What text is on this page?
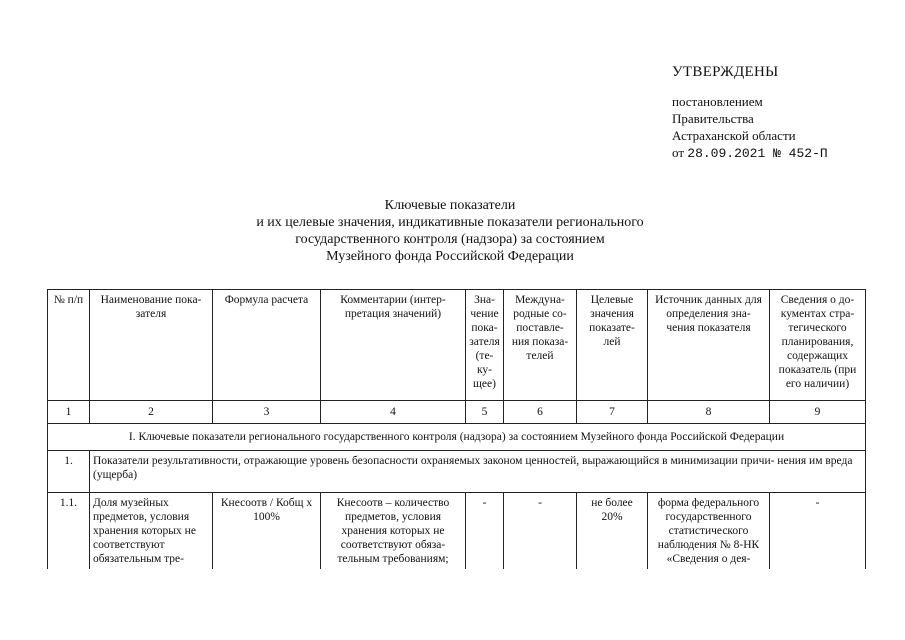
УТВЕРЖДЕНЫ
постановлением
Правительства
Астраханской области
от 28.09.2021 № 452-П
Ключевые показатели
и их целевые значения, индикативные показатели регионального
государственного контроля (надзора) за состоянием
Музейного фонда Российской Федерации
№ п/п	Наименование пока- зателя	Формула расчета	Комментарии (интер- претация значений)	Зна- чение пока- зателя (те- ку- щее)	Междуна- родные со- поставле- ния показа- телей	Целевые значения показате- лей	Источник данных для определения зна- чения показателя	Сведения о до- кументах стра- тегического планирования, содержащих показатель (при его наличии)
1	2	3	4	5	6	7	8	9
I. Ключевые показатели регионального государственного контроля (надзора) за состоянием Музейного фонда Российской Федерации								
1.	Показатели результативности, отражающие уровень безопасности охраняемых законом ценностей, выражающийся в минимизации причи- нения им вреда (ущерба)							
1.1.	Доля музейных предметов, условия хранения которых не соответствуют обязательным тре-	Кнесоотв / Кобщ х 100%	Кнесоотв – количество предметов, условия хранения которых не соответствуют обяза- тельным требованиям;	-	-	не более 20%	форма федерального государственного статистического наблюдения № 8-НК «Сведения о дея-	-
